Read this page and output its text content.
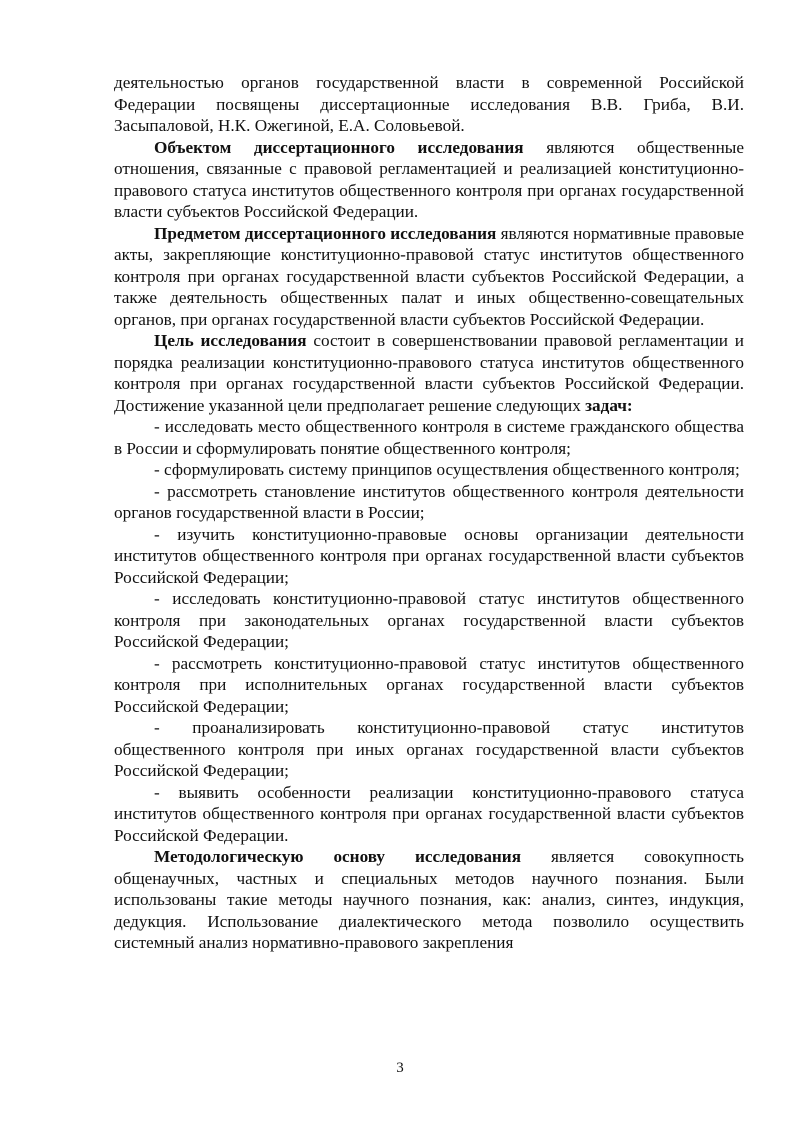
деятельностью органов государственной власти в современной Российской Федерации посвящены диссертационные исследования В.В. Гриба, В.И. Засыпаловой, Н.К. Ожегиной, Е.А. Соловьевой.

Объектом диссертационного исследования являются общественные отношения, связанные с правовой регламентацией и реализацией конституционно-правового статуса институтов общественного контроля при органах государственной власти субъектов Российской Федерации.

Предметом диссертационного исследования являются нормативные правовые акты, закрепляющие конституционно-правовой статус институтов общественного контроля при органах государственной власти субъектов Российской Федерации, а также деятельность общественных палат и иных общественно-совещательных органов, при органах государственной власти субъектов Российской Федерации.

Цель исследования состоит в совершенствовании правовой регламентации и порядка реализации конституционно-правового статуса институтов общественного контроля при органах государственной власти субъектов Российской Федерации. Достижение указанной цели предполагает решение следующих задач:

- исследовать место общественного контроля в системе гражданского общества в России и сформулировать понятие общественного контроля;

- сформулировать систему принципов осуществления общественного контроля;

- рассмотреть становление институтов общественного контроля деятельности органов государственной власти в России;

- изучить конституционно-правовые основы организации деятельности институтов общественного контроля при органах государственной власти субъектов Российской Федерации;

- исследовать конституционно-правовой статус институтов общественного контроля при законодательных органах государственной власти субъектов Российской Федерации;

- рассмотреть конституционно-правовой статус институтов общественного контроля при исполнительных органах государственной власти субъектов Российской Федерации;

- проанализировать конституционно-правовой статус институтов общественного контроля при иных органах государственной власти субъектов Российской Федерации;

- выявить особенности реализации конституционно-правового статуса институтов общественного контроля при органах государственной власти субъектов Российской Федерации.

Методологическую основу исследования является совокупность общенаучных, частных и специальных методов научного познания. Были использованы такие методы научного познания, как: анализ, синтез, индукция, дедукция. Использование диалектического метода позволило осуществить системный анализ нормативно-правового закрепления

3
